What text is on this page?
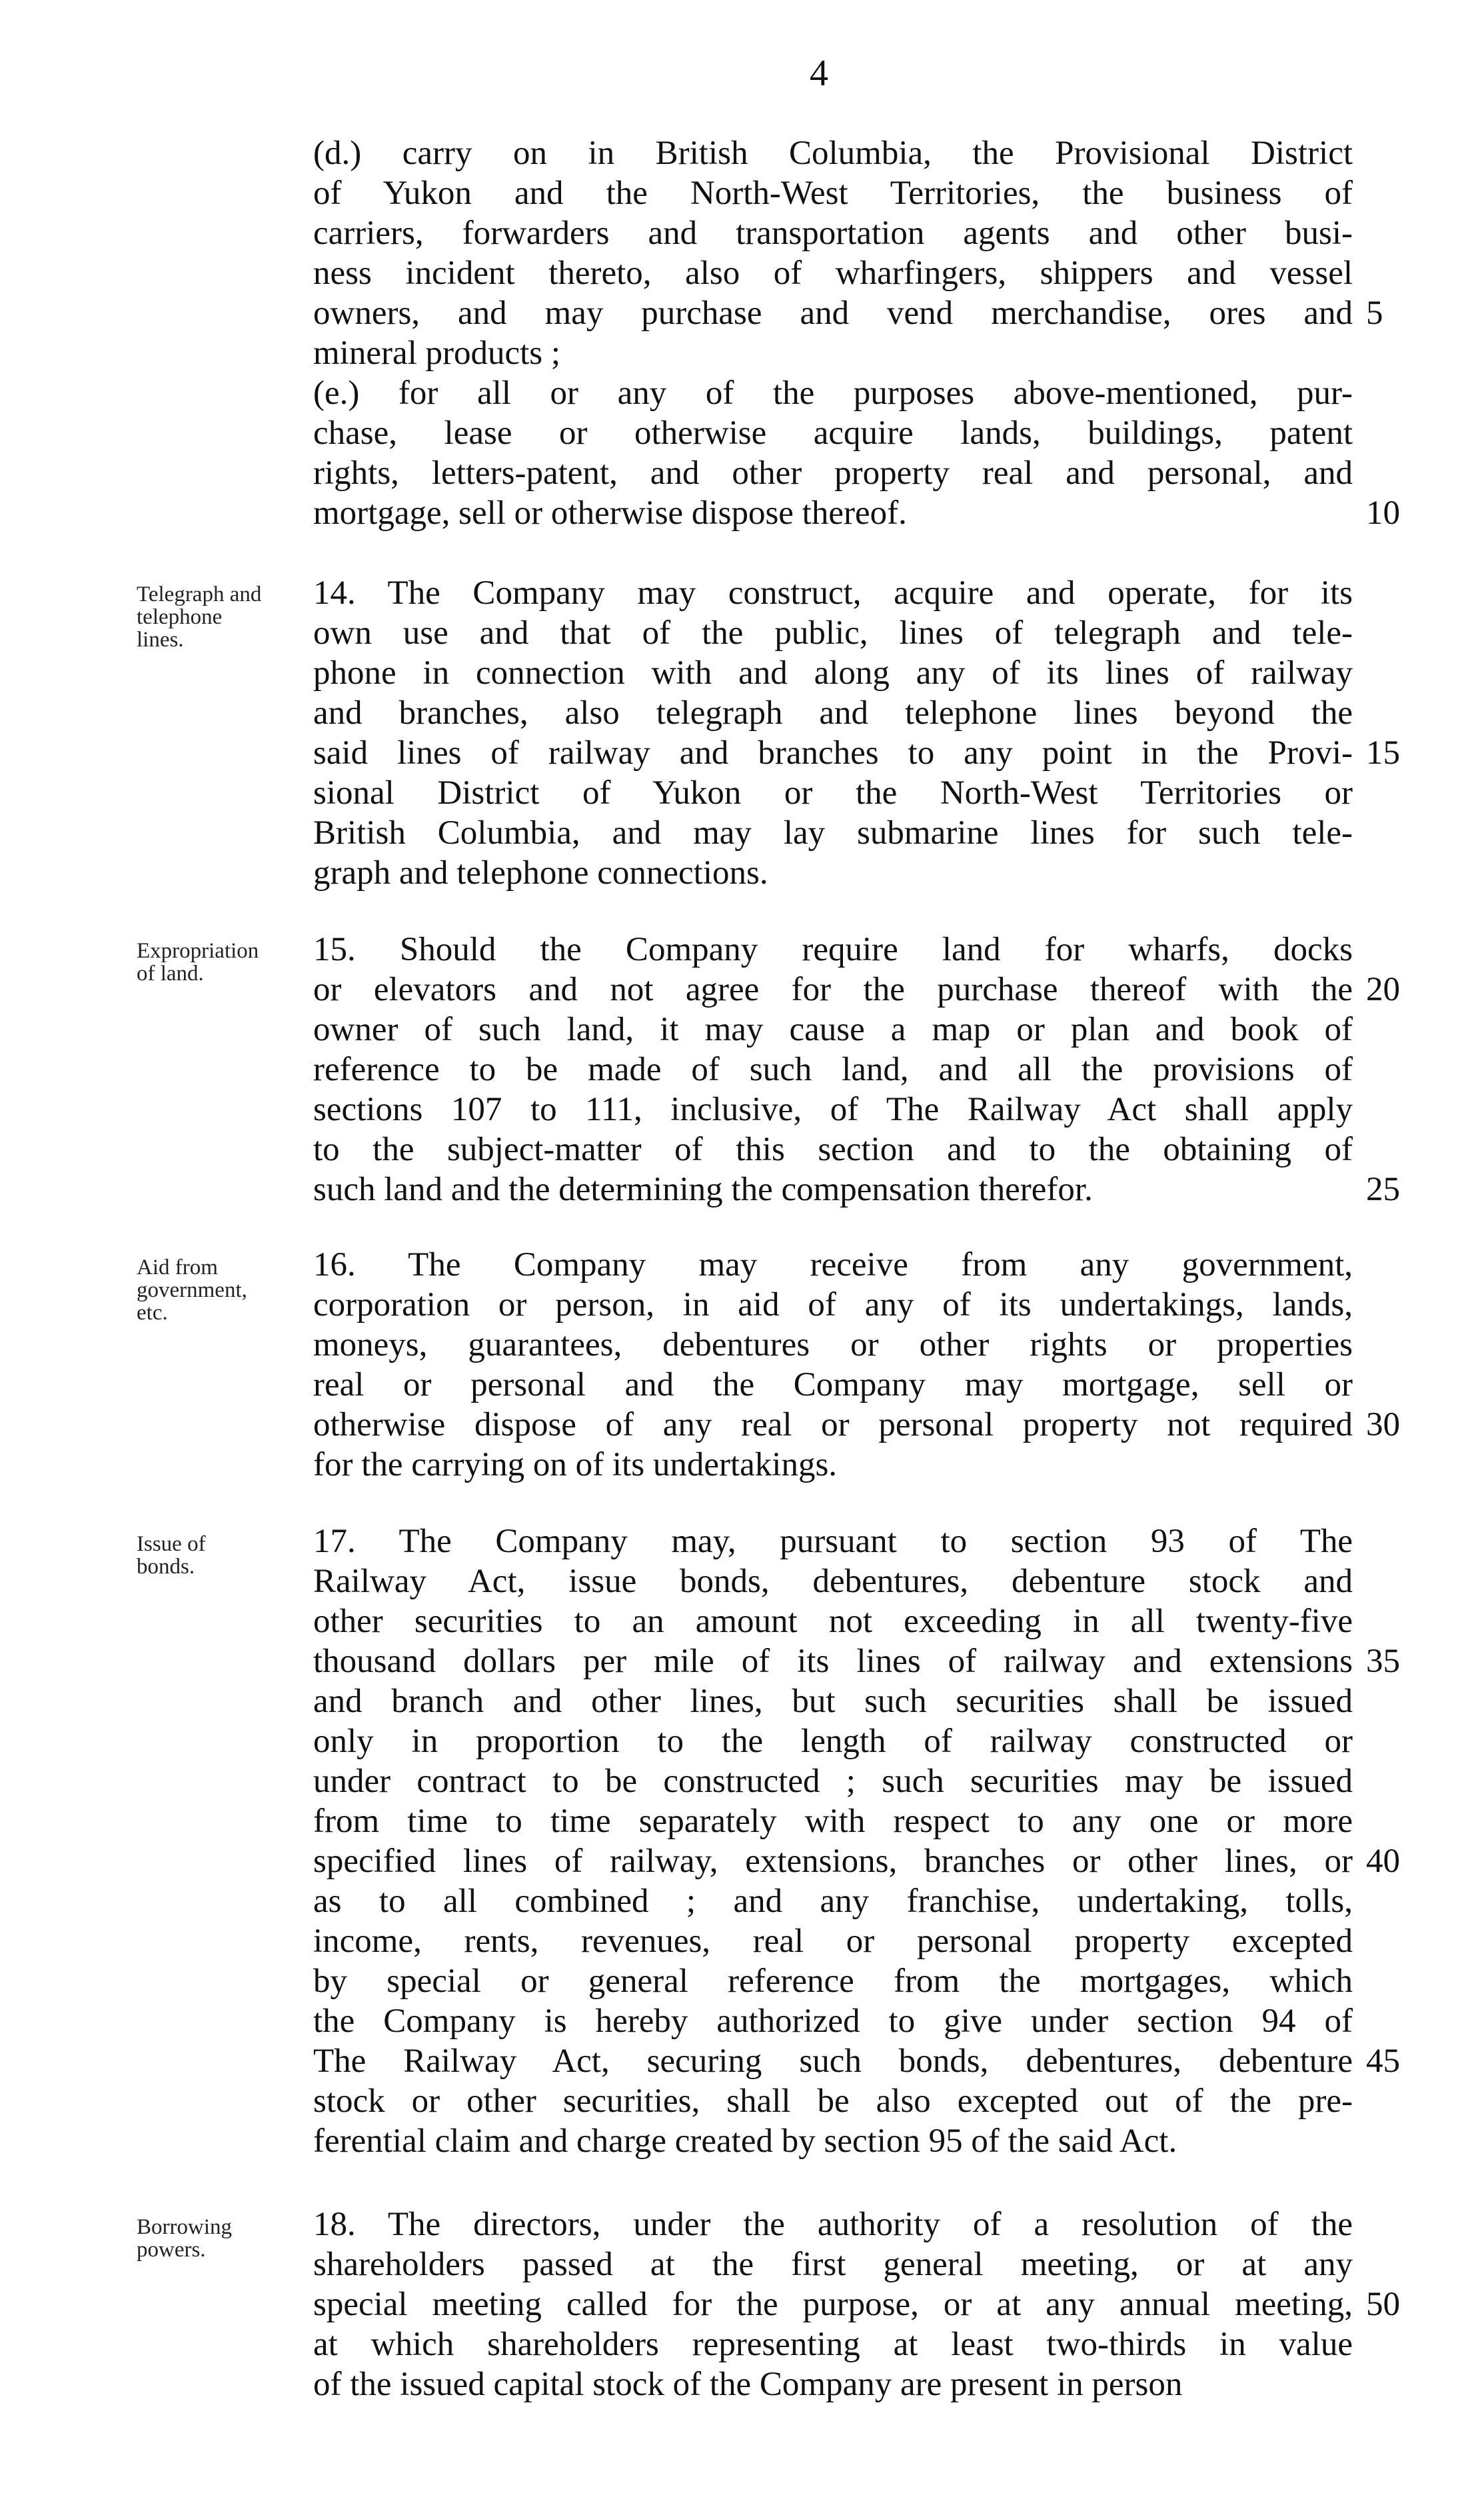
4
(d.) carry on in British Columbia, the Provisional District
of Yukon and the North-West Territories, the business of
carriers, forwarders and transportation agents and other busi-
ness incident thereto, also of wharfingers, shippers and vessel
owners, and may purchase and vend merchandise, ores and 5
mineral products ;
(e.) for all or any of the purposes above-mentioned, pur-
chase, lease or otherwise acquire lands, buildings, patent
rights, letters-patent, and other property real and personal, and
mortgage, sell or otherwise dispose thereof.	10
Telegraph and
telephone
lines.
14. The Company may construct, acquire and operate, for its
own use and that of the public, lines of telegraph and tele-
phone in connection with and along any of its lines of railway
and branches, also telegraph and telephone lines beyond the
said lines of railway and branches to any point in the Provi- 15
sional District of Yukon or the North-West Territories or
British Columbia, and may lay submarine lines for such tele-
graph and telephone connections.
Expropriation
of land.
15. Should the Company require land for wharfs, docks
or elevators and not agree for the purchase thereof with the 20
owner of such land, it may cause a map or plan and book of
reference to be made of such land, and all the provisions of
sections 107 to 111, inclusive, of The Railway Act shall apply
to the subject-matter of this section and to the obtaining of
such land and the determining the compensation therefor.	25
Aid from
government,
etc.
16. The Company may receive from any government,
corporation or person, in aid of any of its undertakings, lands,
moneys, guarantees, debentures or other rights or properties
real or personal and the Company may mortgage, sell or
otherwise dispose of any real or personal property not required 30
for the carrying on of its undertakings.
Issue of
bonds.
17. The Company may, pursuant to section 93 of The
Railway Act, issue bonds, debentures, debenture stock and
other securities to an amount not exceeding in all twenty-five
thousand dollars per mile of its lines of railway and extensions 35
and branch and other lines, but such securities shall be issued
only in proportion to the length of railway constructed or
under contract to be constructed ; such securities may be issued
from time to time separately with respect to any one or more
specified lines of railway, extensions, branches or other lines, or 40
as to all combined ; and any franchise, undertaking, tolls,
income, rents, revenues, real or personal property excepted
by special or general reference from the mortgages, which
the Company is hereby authorized to give under section 94 of
The Railway Act, securing such bonds, debentures, debenture 45
stock or other securities, shall be also excepted out of the pre-
ferential claim and charge created by section 95 of the said Act.
Borrowing
powers.
18. The directors, under the authority of a resolution of the
shareholders passed at the first general meeting, or at any
special meeting called for the purpose, or at any annual meeting, 50
at which shareholders representing at least two-thirds in value
of the issued capital stock of the Company are present in person
